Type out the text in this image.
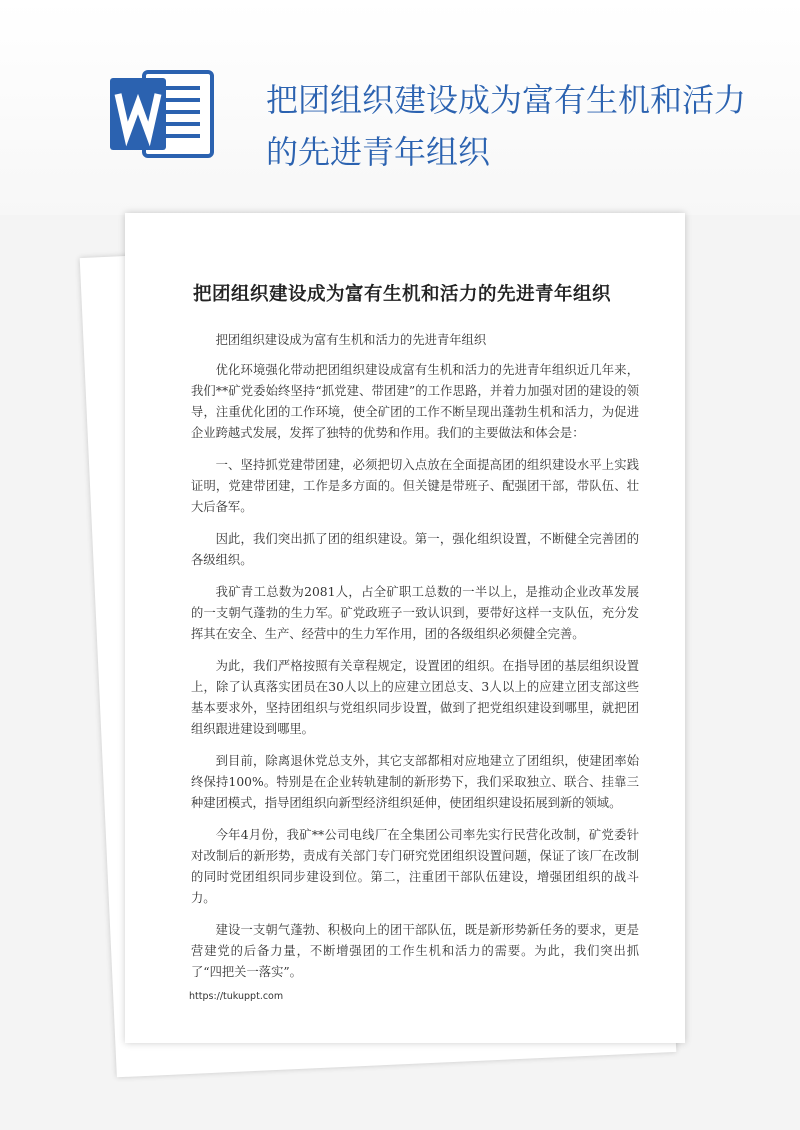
把团组织建设成为富有生机和活力的先进青年组织
把团组织建设成为富有生机和活力的先进青年组织

把团组织建设成为富有生机和活力的先进青年组织

优化环境强化带动把团组织建设成富有生机和活力的先进青年组织近几年来，我们**矿党委始终坚持“抓党建、带团建”的工作思路，并着力加强对团的建设的领导，注重优化团的工作环境，使全矿团的工作不断呈现出蓬勃生机和活力，为促进企业跨越式发展，发挥了独特的优势和作用。我们的主要做法和体会是：

一、坚持抓党建带团建，必须把切入点放在全面提高团的组织建设水平上实践证明，党建带团建，工作是多方面的。但关键是带班子、配强团干部，带队伍、壮大后备军。

因此，我们突出抓了团的组织建设。第一，强化组织设置，不断健全完善团的各级组织。

我矿青工总数为2081人，占全矿职工总数的一半以上，是推动企业改革发展的一支朝气蓬勃的生力军。矿党政班子一致认识到，要带好这样一支队伍，充分发挥其在安全、生产、经营中的生力军作用，团的各级组织必须健全完善。

为此，我们严格按照有关章程规定，设置团的组织。在指导团的基层组织设置上，除了认真落实团员在30人以上的应建立团总支、3人以上的应建立团支部这些基本要求外，坚持团组织与党组织同步设置，做到了把党组织建设到哪里，就把团组织跟进建设到哪里。

到目前，除离退休党总支外，其它支部都相对应地建立了团组织，使建团率始终保持100%。特别是在企业转轨建制的新形势下，我们采取独立、联合、挂靠三种建团模式，指导团组织向新型经济组织延伸，使团组织建设拓展到新的领域。

今年4月份，我矿**公司电线厂在全集团公司率先实行民营化改制，矿党委针对改制后的新形势，责成有关部门专门研究党团组织设置问题，保证了该厂在改制的同时党团组织同步建设到位。第二，注重团干部队伍建设，增强团组织的战斗力。

建设一支朝气蓬勃、积极向上的团干部队伍，既是新形势新任务的要求，更是营建党的后备力量，不断增强团的工作生机和活力的需要。为此，我们突出抓了“四把关一落实”。

https://tukuppt.com
